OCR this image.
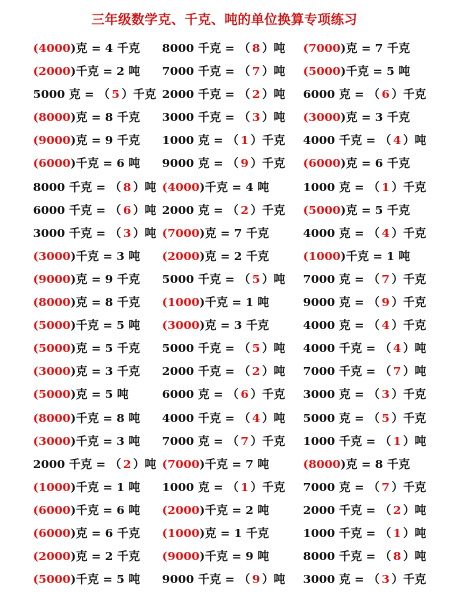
三年级数学克、千克、吨的单位换算专项练习
(4000)克 = 4 千克	8000 千克 = （ 8 ）吨	(7000)克 = 7 千克
(2000)千克 = 2 吨	7000 千克 = （ 7 ）吨	(5000)千克 = 5 吨
5000 克 = （ 5 ）千克 2000 千克 = （ 2 ）吨	6000 克 = （ 6 ）千克
(8000)克 = 8 千克	3000 千克 = （ 3 ）吨	(3000)克 = 3 千克
(9000)克 = 9 千克	1000 克 = （ 1 ）千克	4000 千克 = （ 4 ）吨
(6000)千克 = 6 吨	9000 克 = （ 9 ）千克	(6000)克 = 6 千克
8000 千克 = （ 8 ）吨 (4000)千克 = 4 吨	1000 克 = （ 1 ）千克
6000 千克 = （ 6 ）吨 2000 克 = （ 2 ）千克	(5000)克 = 5 千克
3000 千克 = （ 3 ）吨 (7000)克 = 7 千克	4000 克 = （ 4 ）千克
(3000)千克 = 3 吨	(2000)克 = 2 千克	(1000)千克 = 1 吨
(9000)克 = 9 千克	5000 千克 = （ 5 ）吨	7000 克 = （ 7 ）千克
(8000)克 = 8 千克	(1000)千克 = 1 吨	9000 克 = （ 9 ）千克
(5000)千克 = 5 吨	(3000)克 = 3 千克	4000 克 = （ 4 ）千克
(5000)克 = 5 千克	5000 千克 = （ 5 ）吨	4000 千克 = （ 4 ）吨
(3000)克 = 3 千克	2000 千克 = （ 2 ）吨	7000 千克 = （ 7 ）吨
(5000)克 = 5 吨	6000 克 = （ 6 ）千克	3000 克 = （ 3 ）千克
(8000)千克 = 8 吨	4000 千克 = （ 4 ）吨	5000 克 = （ 5 ）千克
(3000)千克 = 3 吨	7000 克 = （ 7 ）千克	1000 千克 = （ 1 ）吨
2000 千克 = （ 2 ）吨 (7000)千克 = 7 吨	(8000)克 = 8 千克
(1000)千克 = 1 吨	1000 克 = （ 1 ）千克	7000 克 = （ 7 ）千克
(6000)千克 = 6 吨	(2000)千克 = 2 吨	2000 千克 = （ 2 ）吨
(6000)克 = 6 千克	(1000)克 = 1 千克	1000 千克 = （ 1 ）吨
(2000)克 = 2 千克	(9000)千克 = 9 吨	8000 千克 = （ 8 ）吨
(5000)千克 = 5 吨	9000 千克 = （ 9 ）吨	3000 克 = （ 3 ）千克
